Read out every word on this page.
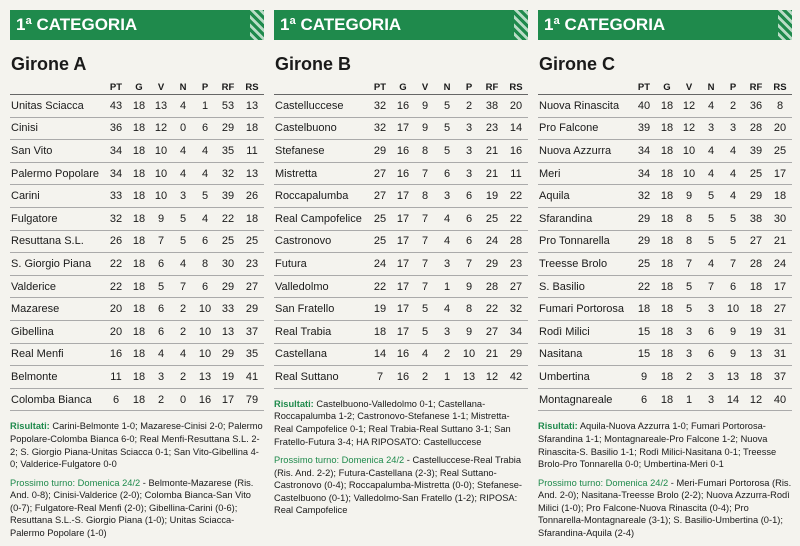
1ª CATEGORIA
Girone A
	PT	G	V	N	P	RF	RS
Unitas Sciacca	43	18	13	4	1	53	13
Cinisi	36	18	12	0	6	29	18
San Vito	34	18	10	4	4	35	11
Palermo Popolare	34	18	10	4	4	32	13
Carini	33	18	10	3	5	39	26
Fulgatore	32	18	9	5	4	22	18
Resuttana S.L.	26	18	7	5	6	25	25
S. Giorgio Piana	22	18	6	4	8	30	23
Valderice	22	18	5	7	6	29	27
Mazarese	20	18	6	2	10	33	29
Gibellina	20	18	6	2	10	13	37
Real Menfi	16	18	4	4	10	29	35
Belmonte	11	18	3	2	13	19	41
Colomba Bianca	6	18	2	0	16	17	79

Risultati: Carini-Belmonte 1-0; Mazarese-Cinisi 2-0; Palermo Popolare-Colomba Bianca 6-0; Real Menfi-Resuttana S.L. 2-2; S. Giorgio Piana-Unitas Sciacca 0-1; San Vito-Gibellina 4-0; Valderice-Fulgatore 0-0

Prossimo turno: Domenica 24/2 - Belmonte-Mazarese (Ris. And. 0-8); Cinisi-Valderice (2-0); Colomba Bianca-San Vito (0-7); Fulgatore-Real Menfi (2-0); Gibellina-Carini (0-6); Resuttana S.L.-S. Giorgio Piana (1-0); Unitas Sciacca-Palermo Popolare (1-0)

1ª CATEGORIA
Girone B
	PT	G	V	N	P	RF	RS
Castelluccese	32	16	9	5	2	38	20
Castelbuono	32	17	9	5	3	23	14
Stefanese	29	16	8	5	3	21	16
Mistretta	27	16	7	6	3	21	11
Roccapalumba	27	17	8	3	6	19	22
Real Campofelice	25	17	7	4	6	25	22
Castronovo	25	17	7	4	6	24	28
Futura	24	17	7	3	7	29	23
Valledolmo	22	17	7	1	9	28	27
San Fratello	19	17	5	4	8	22	32
Real Trabia	18	17	5	3	9	27	34
Castellana	14	16	4	2	10	21	29
Real Suttano	7	16	2	1	13	12	42

Risultati: Castelbuono-Valledolmo 0-1; Castellana-Roccapalumba 1-2; Castronovo-Stefanese 1-1; Mistretta-Real Campofelice 0-1; Real Trabia-Real Suttano 3-1; San Fratello-Futura 3-4; HA RIPOSATO: Castelluccese

Prossimo turno: Domenica 24/2 - Castelluccese-Real Trabia (Ris. And. 2-2); Futura-Castellana (2-3); Real Suttano-Castronovo (0-4); Roccapalumba-Mistretta (0-0); Stefanese-Castelbuono (0-1); Valledolmo-San Fratello (1-2); RIPOSA: Real Campofelice

1ª CATEGORIA
Girone C
	PT	G	V	N	P	RF	RS
Nuova Rinascita	40	18	12	4	2	36	8
Pro Falcone	39	18	12	3	3	28	20
Nuova Azzurra	34	18	10	4	4	39	25
Meri	34	18	10	4	4	25	17
Aquila	32	18	9	5	4	29	18
Sfarandina	29	18	8	5	5	38	30
Pro Tonnarella	29	18	8	5	5	27	21
Treesse Brolo	25	18	7	4	7	28	24
S. Basilio	22	18	5	7	6	18	17
Fumari Portorosa	18	18	5	3	10	18	27
Rodì Milici	15	18	3	6	9	19	31
Nasitana	15	18	3	6	9	13	31
Umbertina	9	18	2	3	13	18	37
Montagnareale	6	18	1	3	14	12	40

Risultati: Aquila-Nuova Azzurra 1-0; Fumari Portorosa-Sfarandina 1-1; Montagnareale-Pro Falcone 1-2; Nuova Rinascita-S. Basilio 1-1; Rodì Milici-Nasitana 0-1; Treesse Brolo-Pro Tonnarella 0-0; Umbertina-Meri 0-1

Prossimo turno: Domenica 24/2 - Meri-Fumari Portorosa (Ris. And. 2-0); Nasitana-Treesse Brolo (2-2); Nuova Azzurra-Rodì Milici (1-0); Pro Falcone-Nuova Rinascita (0-4); Pro Tonnarella-Montagnareale (3-1); S. Basilio-Umbertina (0-1); Sfarandina-Aquila (2-4)
